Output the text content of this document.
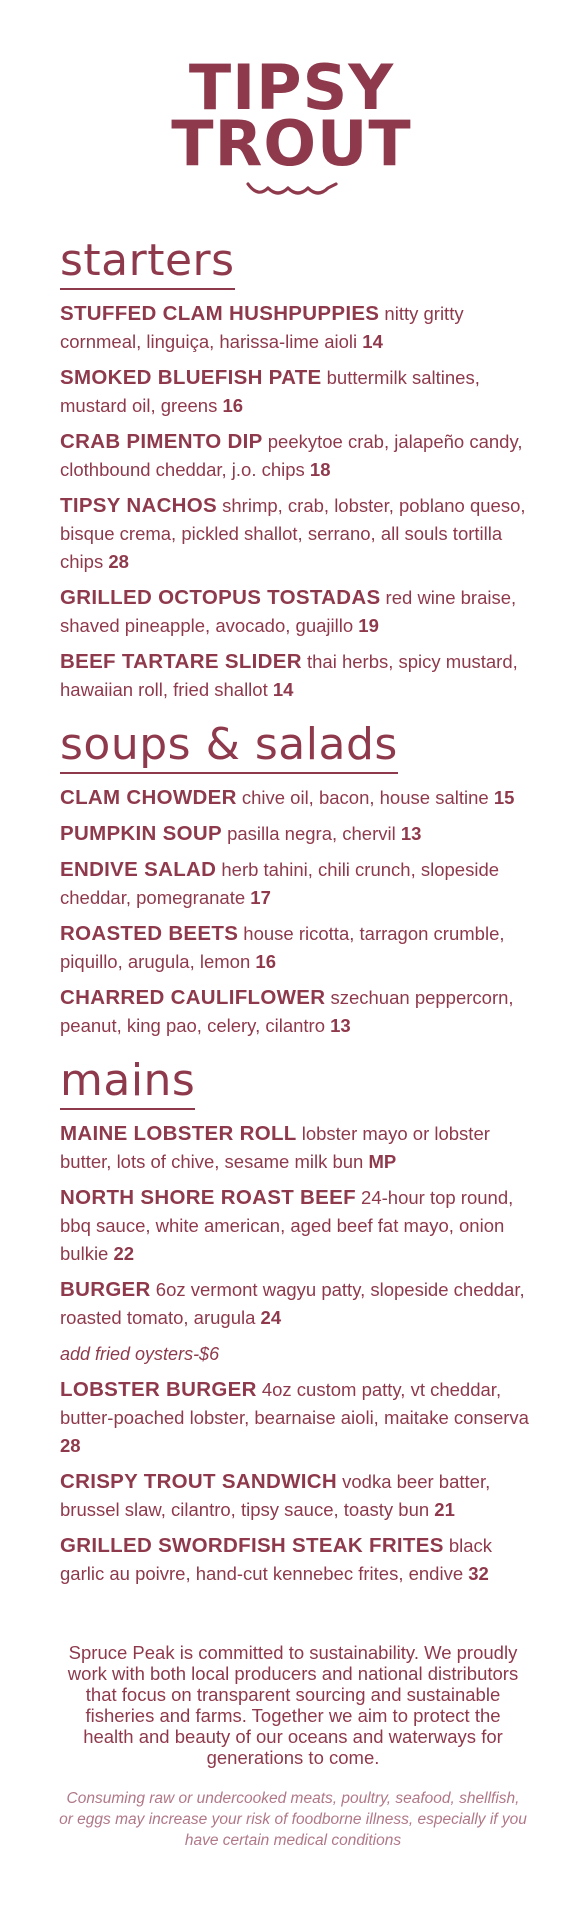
TIPSY
TROUT
starters
STUFFED CLAM HUSHPUPPIES nitty gritty cornmeal, linguiça, harissa-lime aioli 14
SMOKED BLUEFISH PATE buttermilk saltines, mustard oil, greens 16
CRAB PIMENTO DIP peekytoe crab, jalapeño candy, clothbound cheddar, j.o. chips 18
TIPSY NACHOS shrimp, crab, lobster, poblano queso, bisque crema, pickled shallot, serrano, all souls tortilla chips 28
GRILLED OCTOPUS TOSTADAS red wine braise, shaved pineapple, avocado, guajillo 19
BEEF TARTARE SLIDER thai herbs, spicy mustard, hawaiian roll, fried shallot 14
soups & salads
CLAM CHOWDER chive oil, bacon, house saltine 15
PUMPKIN SOUP pasilla negra, chervil 13
ENDIVE SALAD herb tahini, chili crunch, slopeside cheddar, pomegranate 17
ROASTED BEETS house ricotta, tarragon crumble, piquillo, arugula, lemon 16
CHARRED CAULIFLOWER szechuan peppercorn, peanut, king pao, celery, cilantro 13
mains
MAINE LOBSTER ROLL lobster mayo or lobster butter, lots of chive, sesame milk bun MP
NORTH SHORE ROAST BEEF 24-hour top round, bbq sauce, white american, aged beef fat mayo, onion bulkie 22
BURGER 6oz vermont wagyu patty, slopeside cheddar, roasted tomato, arugula 24
add fried oysters-$6
LOBSTER BURGER 4oz custom patty, vt cheddar, butter-poached lobster, bearnaise aioli, maitake conserva 28
CRISPY TROUT SANDWICH vodka beer batter, brussel slaw, cilantro, tipsy sauce, toasty bun 21
GRILLED SWORDFISH STEAK FRITES black garlic au poivre, hand-cut kennebec frites, endive 32
Spruce Peak is committed to sustainability. We proudly work with both local producers and national distributors that focus on transparent sourcing and sustainable fisheries and farms. Together we aim to protect the health and beauty of our oceans and waterways for generations to come.
Consuming raw or undercooked meats, poultry, seafood, shellfish, or eggs may increase your risk of foodborne illness, especially if you have certain medical conditions
